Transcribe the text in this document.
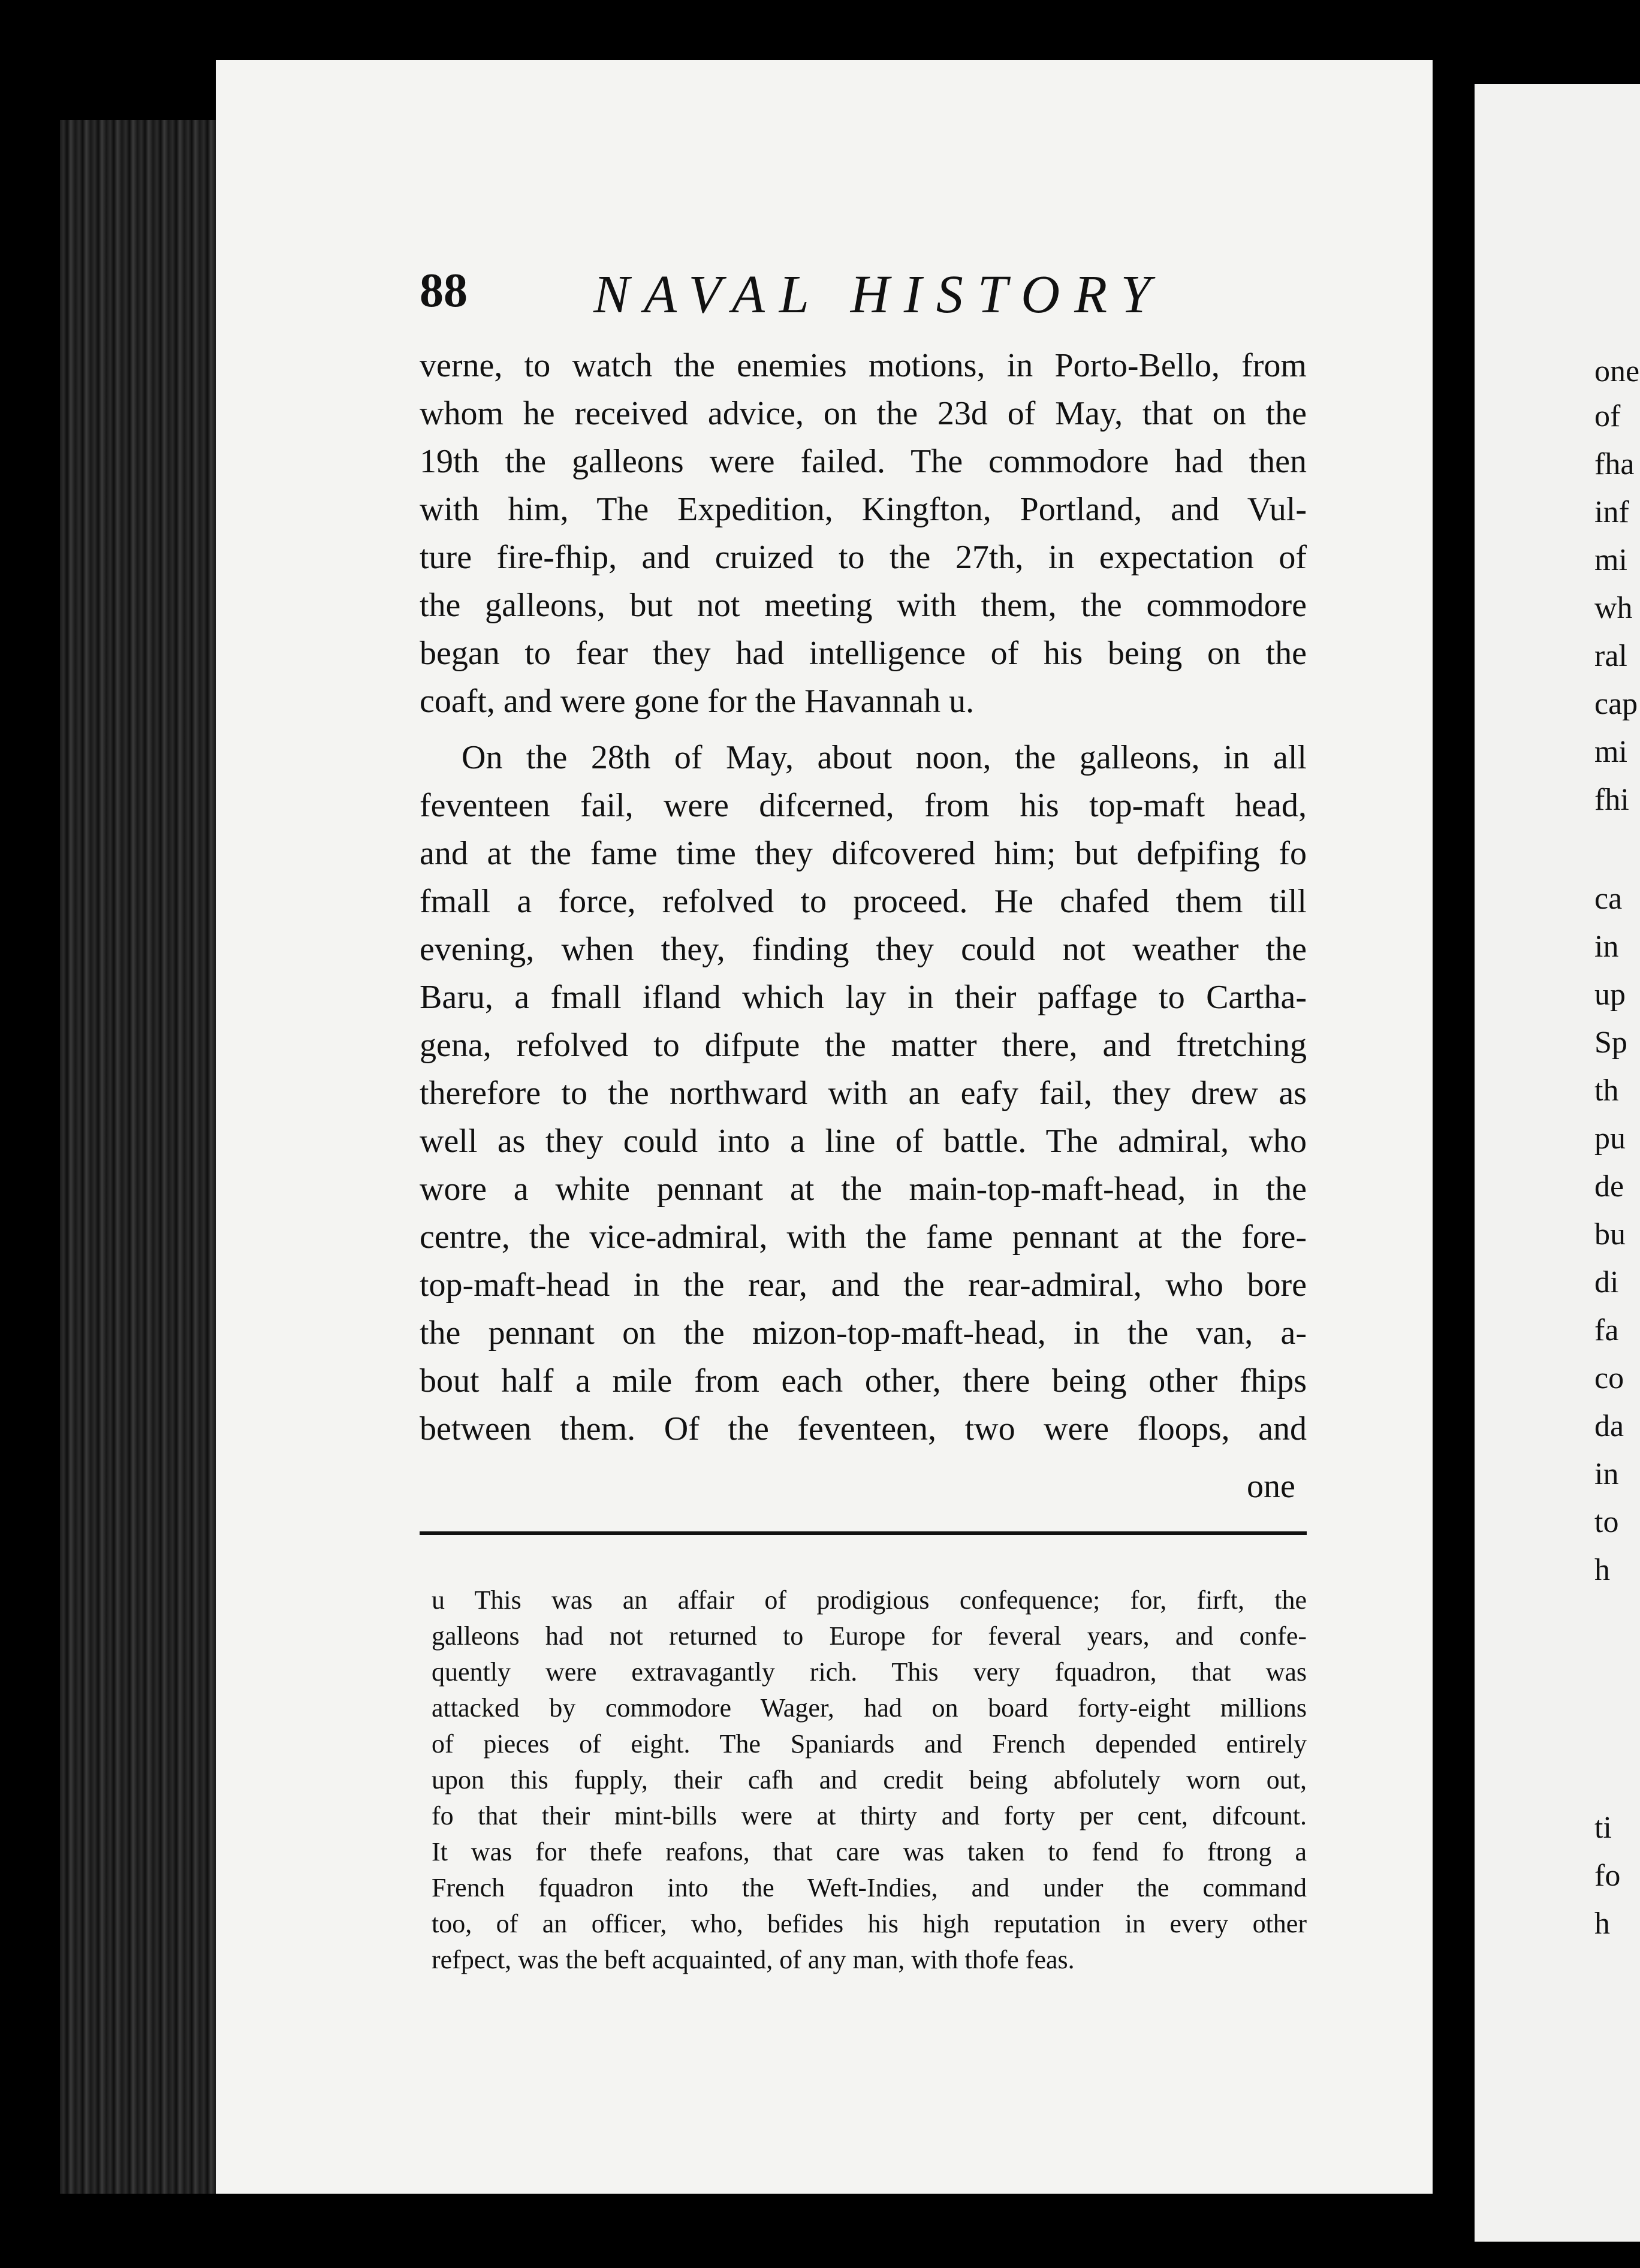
88 NAVAL HISTORY
verne, to watch the enemies motions, in Porto-Bello, from
whom he received advice, on the 23d of May, that on the
19th the galleons were failed. The commodore had then
with him, The Expedition, Kingfton, Portland, and Vul-
ture fire-fhip, and cruized to the 27th, in expectation of
the galleons, but not meeting with them, the commodore
began to fear they had intelligence of his being on the
coaft, and were gone for the Havannah u.
On the 28th of May, about noon, the galleons, in all
feventeen fail, were difcerned, from his top-maft head,
and at the fame time they difcovered him; but defpifing fo
fmall a force, refolved to proceed. He chafed them till
evening, when they, finding they could not weather the
Baru, a fmall ifland which lay in their paffage to Cartha-
gena, refolved to difpute the matter there, and ftretching
therefore to the northward with an eafy fail, they drew as
well as they could into a line of battle. The admiral, who
wore a white pennant at the main-top-maft-head, in the
centre, the vice-admiral, with the fame pennant at the fore-
top-maft-head in the rear, and the rear-admiral, who bore
the pennant on the mizon-top-maft-head, in the van, a-
bout half a mile from each other, there being other fhips
between them. Of the feventeen, two were floops, and
one
u This was an affair of prodigious confequence; for, firft, the
galleons had not returned to Europe for feveral years, and confe-
quently were extravagantly rich. This very fquadron, that was
attacked by commodore Wager, had on board forty-eight millions
of pieces of eight. The Spaniards and French depended entirely
upon this fupply, their cafh and credit being abfolutely worn out,
fo that their mint-bills were at thirty and forty per cent, difcount.
It was for thefe reafons, that care was taken to fend fo ftrong a
French fquadron into the Weft-Indies, and under the command
too, of an officer, who, befides his high reputation in every other
refpect, was the beft acquainted, of any man, with thofe feas.
one
of
fha
inf
mi
wh
ral
cap
mi
fhi
ca
in
up
Sp
th
pu
de
bu
di
fa
co
da
in
to
h
ti
fo
h
